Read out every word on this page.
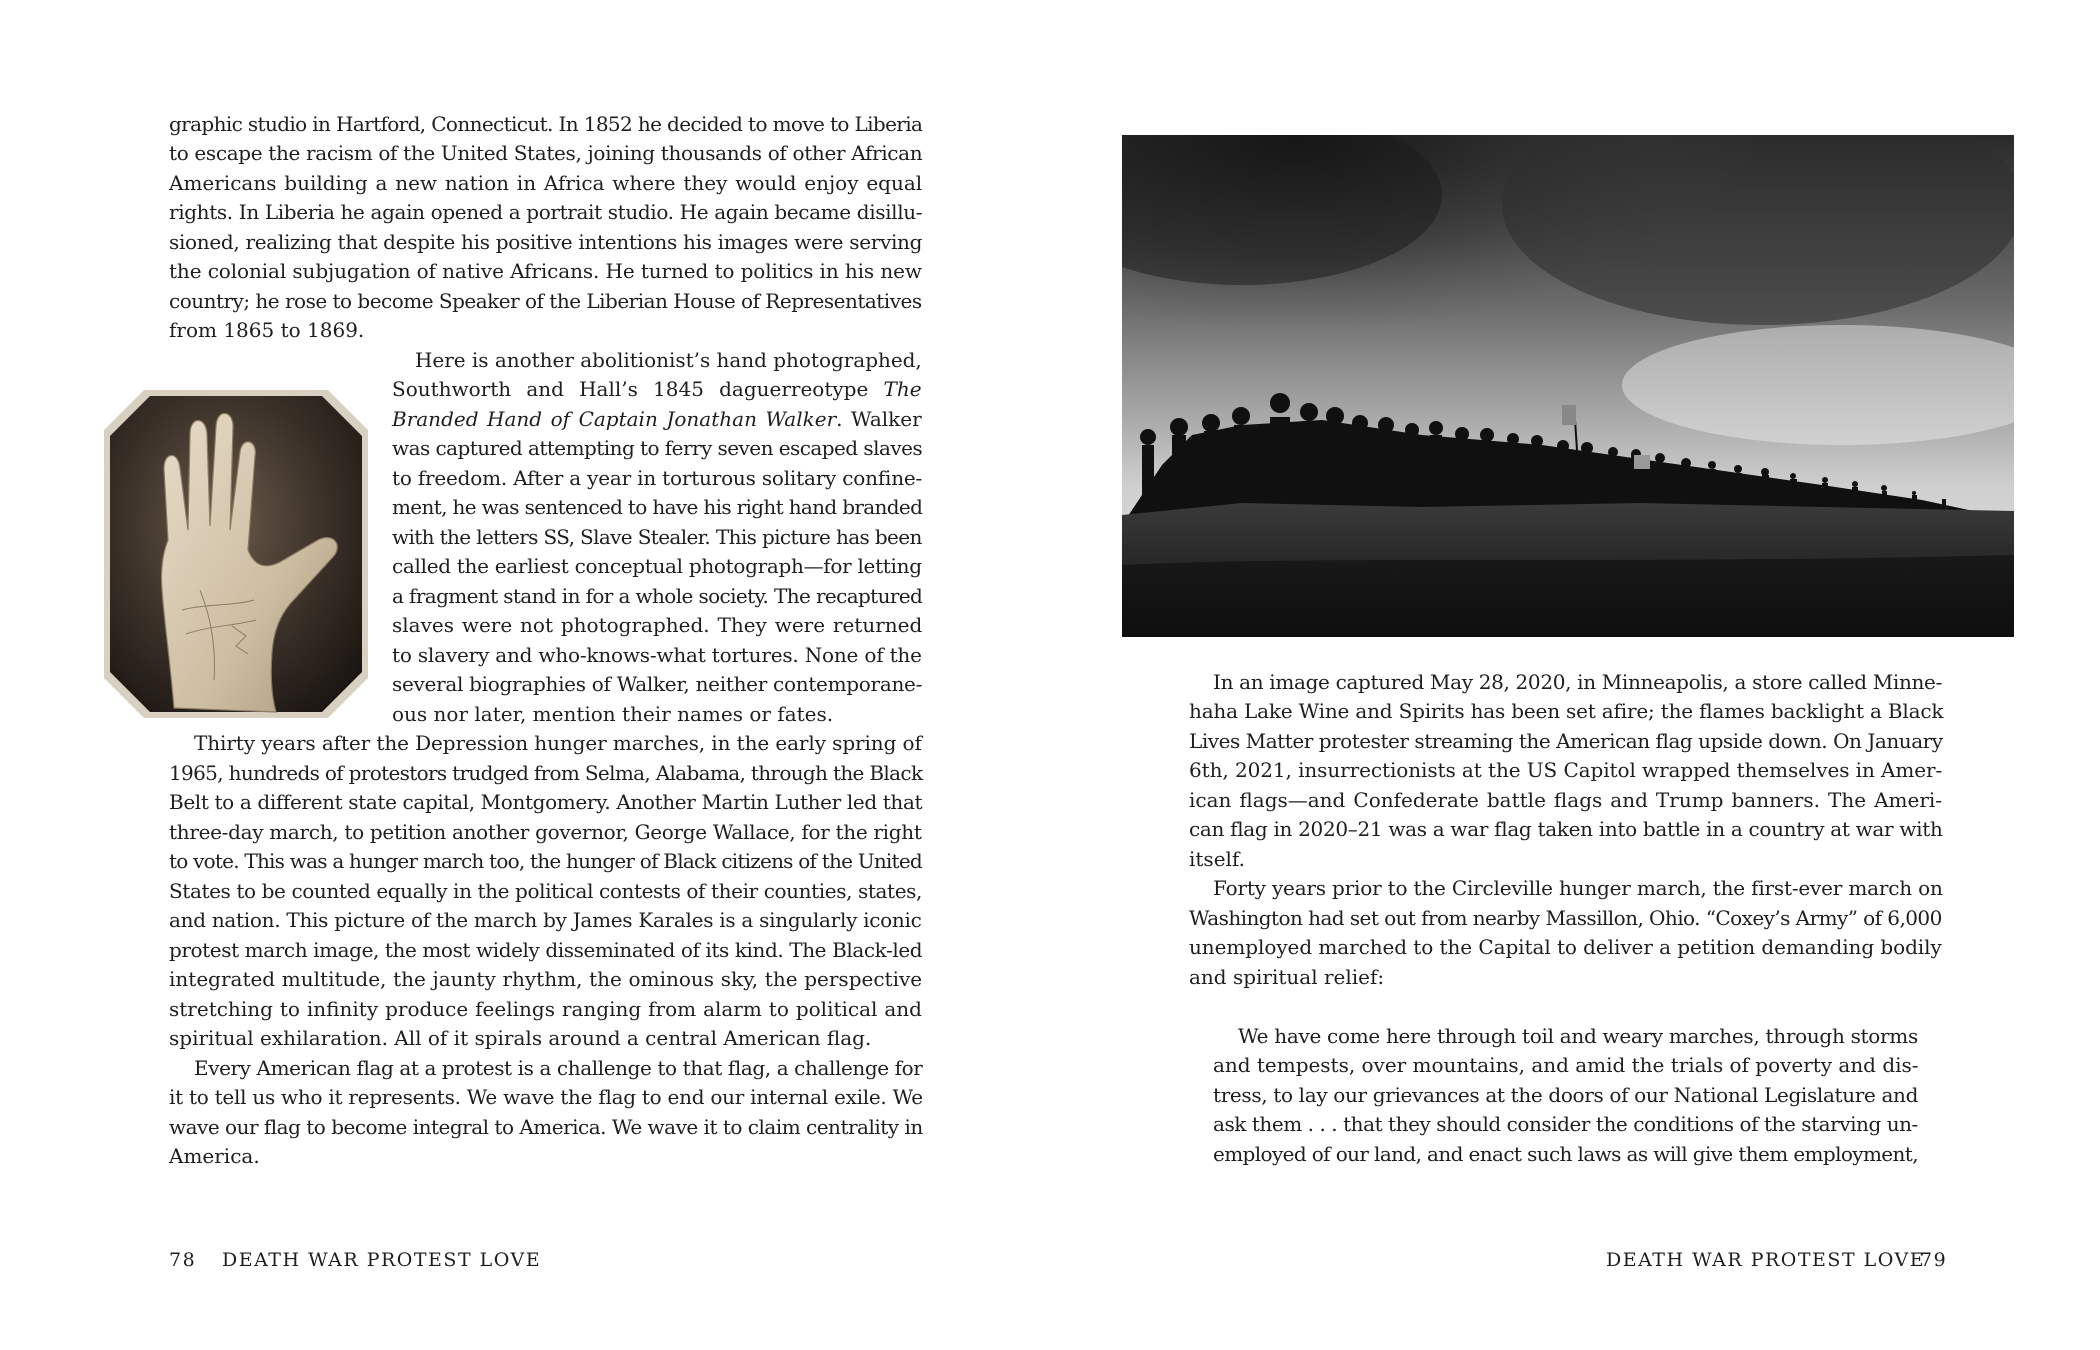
78 DEATH WAR PROTEST LOVE	DEATH WAR PROTEST LOVE
79

graphic studio in Hartford, Connecticut. In 1852 he decided to move to Liberia

to escape the racism of the United States, joining thousands of other African

Americans building a new nation in Africa where they would enjoy equal

rights. In Liberia he again opened a portrait studio. He again became disillu-

sioned, realizing that despite his positive intentions his images were serving

the colonial subjugation of native Africans. He turned to politics in his new

country; he rose to become Speaker of the Liberian House of Representatives

from 1865 to 1869.

Here is another abolitionist’s hand photographed,

Southworth and Hall’s 1845 daguerreotype The

Branded Hand of Captain Jonathan Walker. Walker

was captured attempting to ferry seven escaped slaves

to freedom. After a year in torturous solitary confine-

ment, he was sentenced to have his right hand branded

with the letters SS, Slave Stealer. This picture has been

called the earliest conceptual photograph—for letting

a fragment stand in for a whole society. The recaptured

slaves were not photographed. They were returned

to slavery and who-knows-what tortures. None of the

several biographies of Walker, neither contemporane-

ous nor later, mention their names or fates.

Thirty years after the Depression hunger marches, in the early spring of

1965, hundreds of protestors trudged from Selma, Alabama, through the Black

Belt to a different state capital, Montgomery. Another Martin Luther led that

three-day march, to petition another governor, George Wallace, for the right

to vote. This was a hunger march too, the hunger of Black citizens of the United

States to be counted equally in the political contests of their counties, states,

and nation. This picture of the march by James Karales is a singularly iconic

protest march image, the most widely disseminated of its kind. The Black-led

integrated multitude, the jaunty rhythm, the ominous sky, the perspective

stretching to infinity produce feelings ranging from alarm to political and

spiritual exhilaration. All of it spirals around a central American flag.

Every American flag at a protest is a challenge to that flag, a challenge for

it to tell us who it represents. We wave the flag to end our internal exile. We

wave our flag to become integral to America. We wave it to claim centrality in

America.

In an image captured May 28, 2020, in Minneapolis, a store called Minne-

haha Lake Wine and Spirits has been set afire; the flames backlight a Black

Lives Matter protester streaming the American flag upside down. On January

6th, 2021, insurrectionists at the US Capitol wrapped themselves in Amer-

ican flags—and Confederate battle flags and Trump banners. The Ameri-

can flag in 2020–21 was a war flag taken into battle in a country at war with

itself.

Forty years prior to the Circleville hunger march, the first-ever march on

Washington had set out from nearby Massillon, Ohio. “Coxey’s Army” of 6,000

unemployed marched to the Capital to deliver a petition demanding bodily

and spiritual relief:

We have come here through toil and weary marches, through storms

and tempests, over mountains, and amid the trials of poverty and dis-

tress, to lay our grievances at the doors of our National Legislature and

ask them . . . that they should consider the conditions of the starving un-

employed of our land, and enact such laws as will give them employment,
